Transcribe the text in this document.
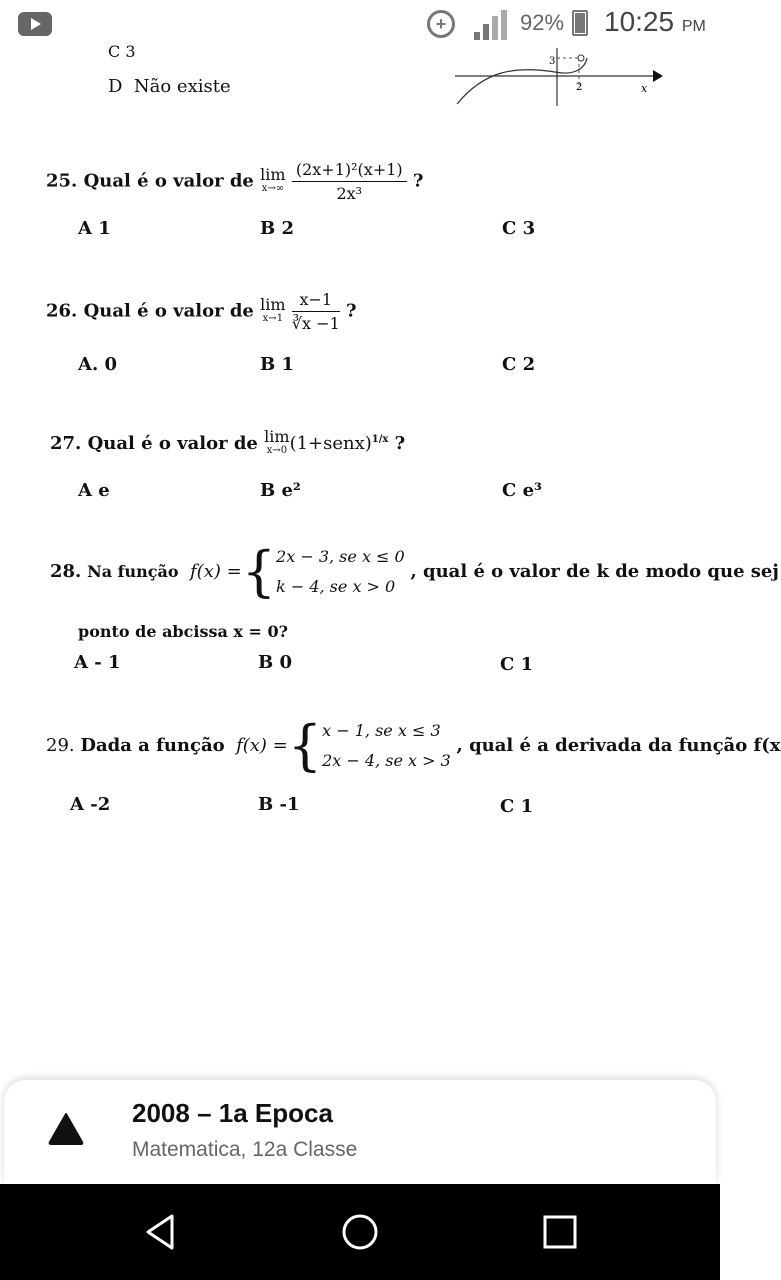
+	92% 10:25 PM
C 3
D Não existe
3
2	x
25. Qual é o valor de lim
x→∞
$\frac{\text{(2x+1)²(x+1)}}{\text{2x³}}$ ?
A 1	B 2	C 3
26. Qual é o valor de lim
x→1
$\frac{x-1}{∛x -1}$ ?
A. 0	B 1	C 2
27. Qual é o valor de lim
x→0 (1+senx)$^{1/x}$ ?
A e	B e²	C e³
28. Na função f(x) ={ 2x − 3, se x ≤ 0
k − 4, se x > 0
, qual é o valor de k de modo que sej
ponto de abcissa x = 0?
A - 1	B 0	C 1
29. Dada a função f(x) ={ x − 1, se x ≤ 3
2x − 4, se x > 3
, qual é a derivada da função f(x
A -2	B -1	C 1
2008 – 1a Epoca
Matematica, 12a Classe
